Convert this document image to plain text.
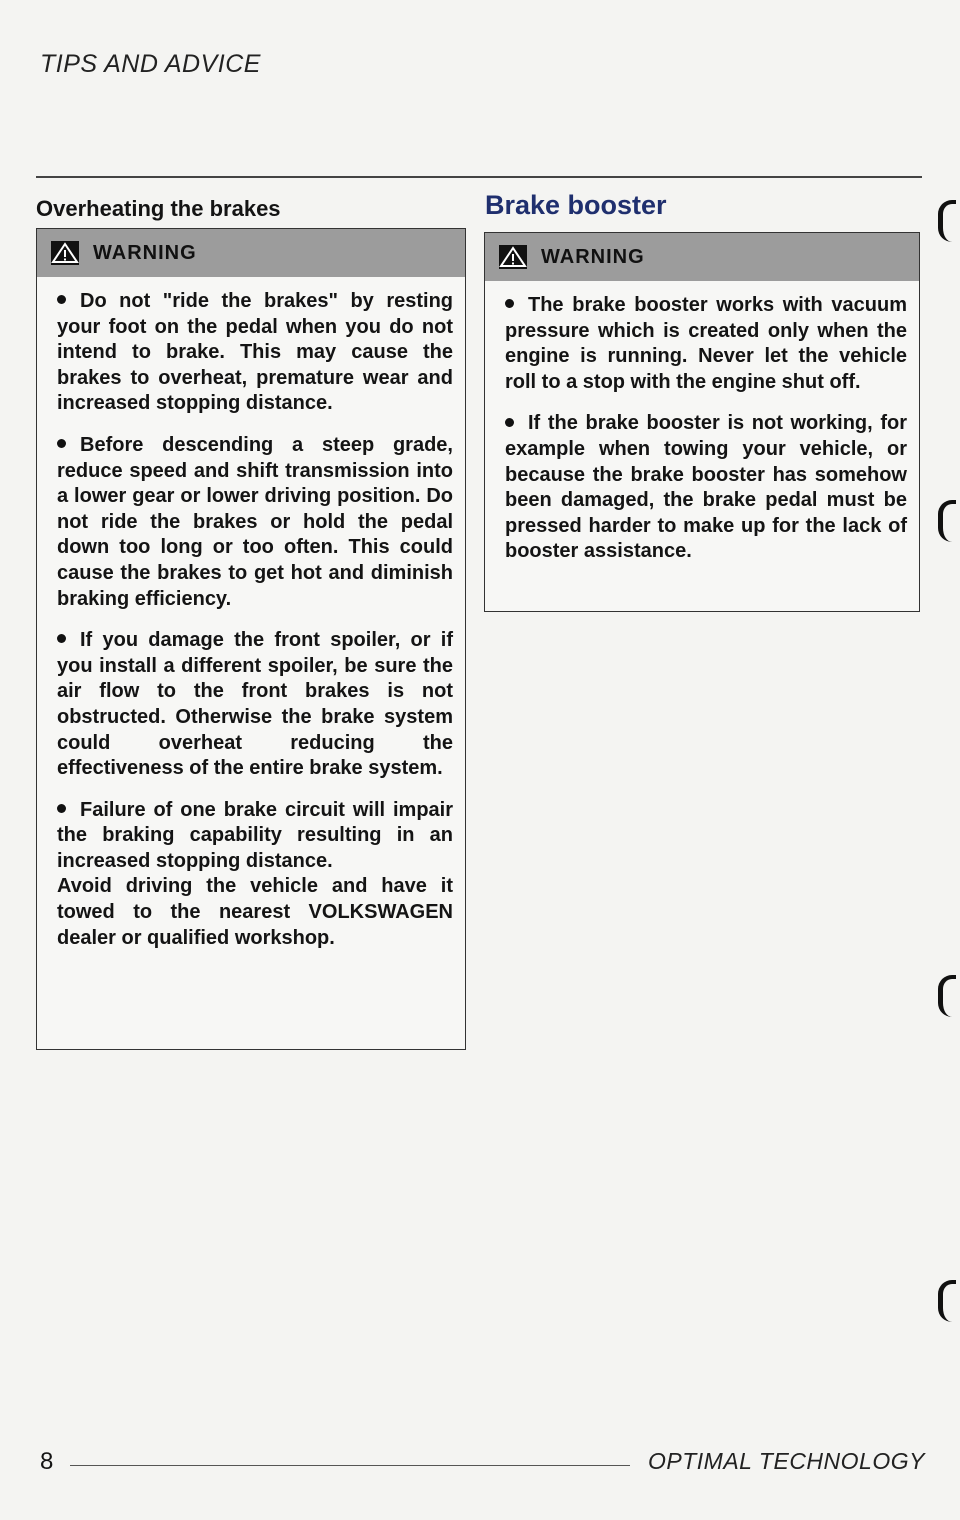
TIPS AND ADVICE
Overheating the brakes	Brake booster
WARNING

Do not "ride the brakes" by resting your foot on the pedal when you do not intend to brake. This may cause the brakes to overheat, premature wear and increased stopping distance.

Before descending a steep grade, reduce speed and shift transmission into a lower gear or lower driving position. Do not ride the brakes or hold the pedal down too long or too often. This could cause the brakes to get hot and diminish braking efficiency.

If you damage the front spoiler, or if you install a different spoiler, be sure the air flow to the front brakes is not obstructed. Otherwise the brake system could overheat reducing the effectiveness of the entire brake system.

Failure of one brake circuit will impair the braking capability resulting in an increased stopping distance.
Avoid driving the vehicle and have it towed to the nearest VOLKSWAGEN dealer or qualified workshop.

WARNING

The brake booster works with vacuum pressure which is created only when the engine is running. Never let the vehicle roll to a stop with the engine shut off.

If the brake booster is not working, for example when towing your vehicle, or because the brake booster has somehow been damaged, the brake pedal must be pressed harder to make up for the lack of booster assistance.

8	OPTIMAL TECHNOLOGY
